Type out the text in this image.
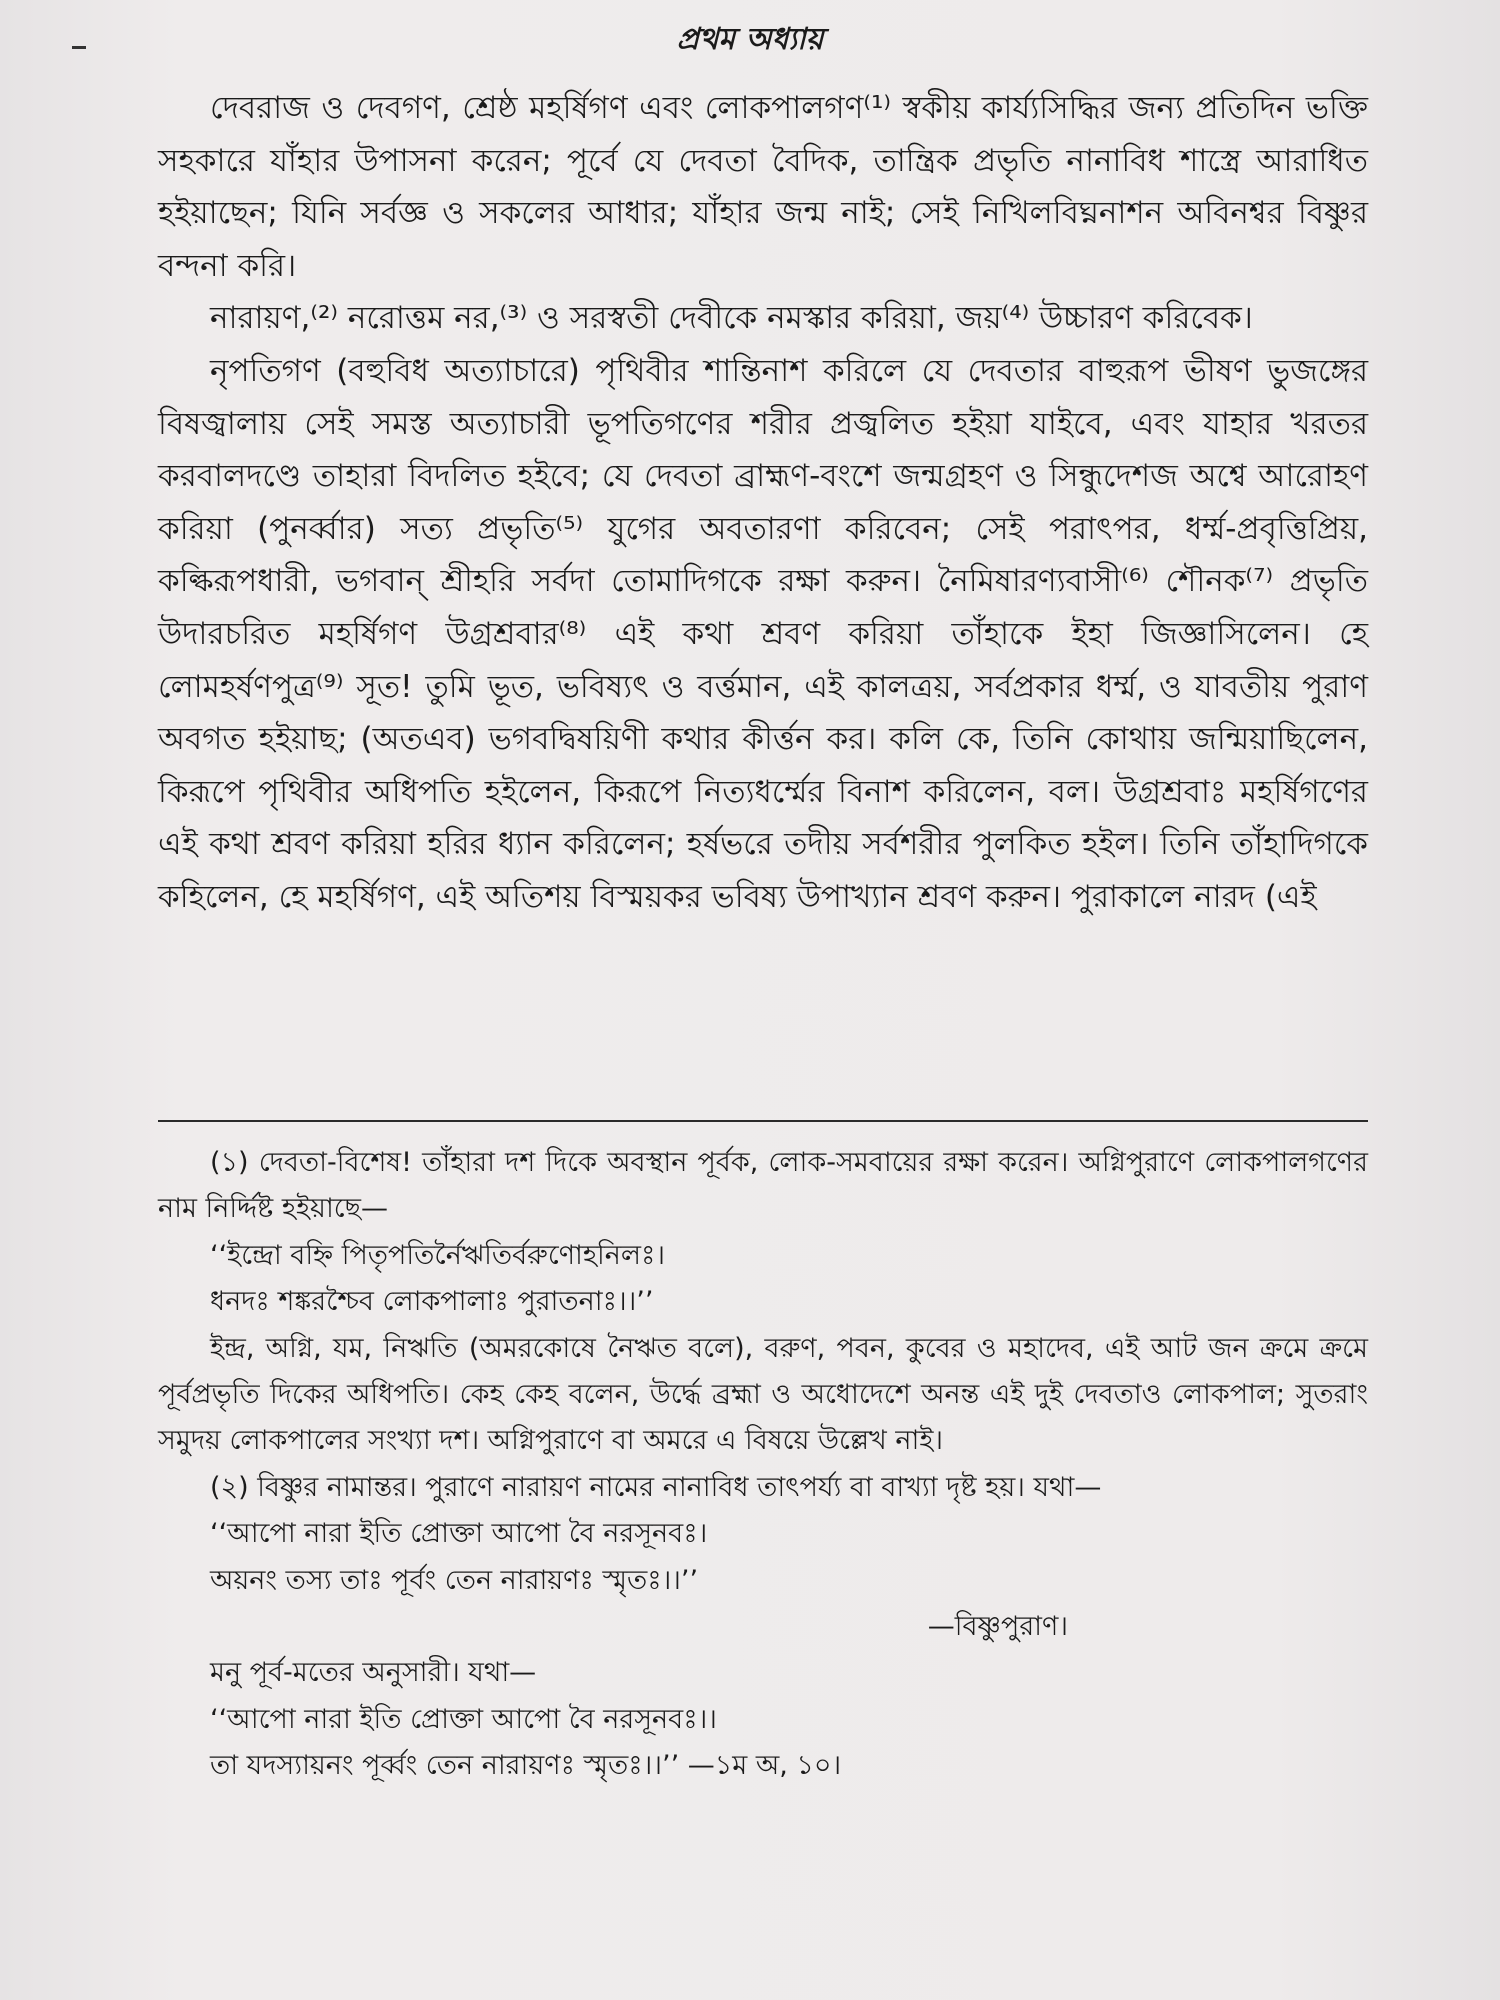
প্রথম অধ্যায়

দেবরাজ ও দেবগণ, শ্রেষ্ঠ মহর্ষিগণ এবং লোকপালগণ⁽¹⁾ স্বকীয় কার্য্যসিদ্ধির জন্য প্রতিদিন ভক্তি সহকারে যাঁহার উপাসনা করেন; পূর্বে যে দেবতা বৈদিক, তান্ত্রিক প্রভৃতি নানাবিধ শাস্ত্রে আরাধিত হইয়াছেন; যিনি সর্বজ্ঞ ও সকলের আধার; যাঁহার জন্ম নাই; সেই নিখিলবিঘ্ননাশন অবিনশ্বর বিষ্ণুর বন্দনা করি।

নারায়ণ,⁽²⁾ নরোত্তম নর,⁽³⁾ ও সরস্বতী দেবীকে নমস্কার করিয়া, জয়⁽⁴⁾ উচ্চারণ করিবেক।

নৃপতিগণ (বহুবিধ অত্যাচারে) পৃথিবীর শান্তিনাশ করিলে যে দেবতার বাহুরূপ ভীষণ ভুজঙ্গের বিষজ্বালায় সেই সমস্ত অত্যাচারী ভূপতিগণের শরীর প্রজ্বলিত হইয়া যাইবে, এবং যাহার খরতর করবালদণ্ডে তাহারা বিদলিত হইবে; যে দেবতা ব্রাহ্মণ-বংশে জন্মগ্রহণ ও সিন্ধুদেশজ অশ্বে আরোহণ করিয়া (পুনর্ব্বার) সত্য প্রভৃতি⁽⁵⁾ যুগের অবতারণা করিবেন; সেই পরাৎপর, ধর্ম্ম-প্রবৃত্তিপ্রিয়, কল্কিরূপধারী, ভগবান্ শ্রীহরি সর্বদা তোমাদিগকে রক্ষা করুন। নৈমিষারণ্যবাসী⁽⁶⁾ শৌনক⁽⁷⁾ প্রভৃতি উদারচরিত মহর্ষিগণ উগ্রশ্রবার⁽⁸⁾ এই কথা শ্রবণ করিয়া তাঁহাকে ইহা জিজ্ঞাসিলেন। হে লোমহর্ষণপুত্র⁽⁹⁾ সূত! তুমি ভূত, ভবিষ্যৎ ও বর্ত্তমান, এই কালত্রয়, সর্বপ্রকার ধর্ম্ম, ও যাবতীয় পুরাণ অবগত হইয়াছ; (অতএব) ভগবদ্বিষয়িণী কথার কীর্ত্তন কর। কলি কে, তিনি কোথায় জন্মিয়াছিলেন, কিরূপে পৃথিবীর অধিপতি হইলেন, কিরূপে নিত্যধর্ম্মের বিনাশ করিলেন, বল। উগ্রশ্রবাঃ মহর্ষিগণের এই কথা শ্রবণ করিয়া হরির ধ্যান করিলেন; হর্ষভরে তদীয় সর্বশরীর পুলকিত হইল। তিনি তাঁহাদিগকে কহিলেন, হে মহর্ষিগণ, এই অতিশয় বিস্ময়কর ভবিষ্য উপাখ্যান শ্রবণ করুন। পুরাকালে নারদ (এই

(১) দেবতা-বিশেষ! তাঁহারা দশ দিকে অবস্থান পূর্বক, লোক-সমবায়ের রক্ষা করেন। অগ্নিপুরাণে লোকপালগণের নাম নির্দ্দিষ্ট হইয়াছে—

‘‘ইন্দ্রো বহ্নি পিতৃপতির্নৈঋতির্বরুণোহনিলঃ।

ধনদঃ শঙ্করশ্চৈব লোকপালাঃ পুরাতনাঃ।।’’

ইন্দ্র, অগ্নি, যম, নিঋতি (অমরকোষে নৈঋত বলে), বরুণ, পবন, কুবের ও মহাদেব, এই আট জন ক্রমে ক্রমে পূর্বপ্রভৃতি দিকের অধিপতি। কেহ কেহ বলেন, উর্দ্ধে ব্রহ্মা ও অধোদেশে অনন্ত এই দুই দেবতাও লোকপাল; সুতরাং সমুদয় লোকপালের সংখ্যা দশ। অগ্নিপুরাণে বা অমরে এ বিষয়ে উল্লেখ নাই।

(২) বিষ্ণুর নামান্তর। পুরাণে নারায়ণ নামের নানাবিধ তাৎপর্য্য বা বাখ্যা দৃষ্ট হয়। যথা—

‘‘আপো নারা ইতি প্রোক্তা আপো বৈ নরসূনবঃ।

অয়নং তস্য তাঃ পূর্বং তেন নারায়ণঃ স্মৃতঃ।।’’

—বিষ্ণুপুরাণ।

মনু পূর্ব-মতের অনুসারী। যথা—

‘‘আপো নারা ইতি প্রোক্তা আপো বৈ নরসূনবঃ।।

তা যদস্যায়নং পূর্ব্বং তেন নারায়ণঃ স্মৃতঃ।।’’ —১ম অ, ১০।
